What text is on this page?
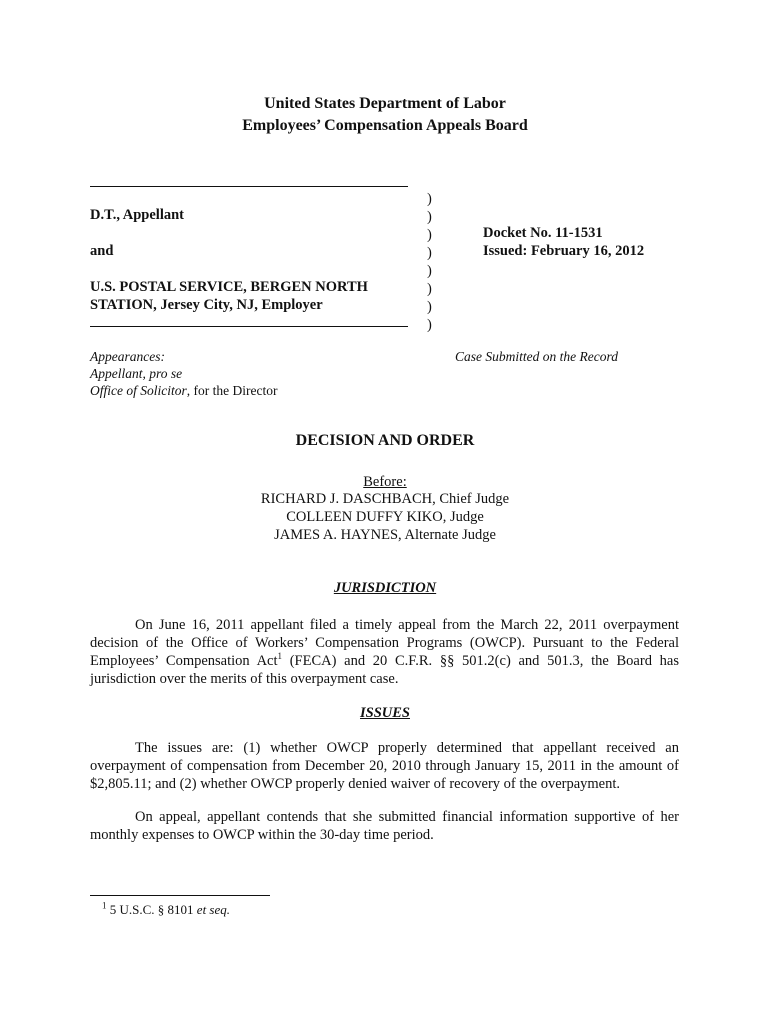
United States Department of Labor
Employees’ Compensation Appeals Board
D.T., Appellant
and
U.S. POSTAL SERVICE, BERGEN NORTH
STATION, Jersey City, NJ, Employer
)
)
)
)
)
)
)
)
Docket No. 11-1531
Issued: February 16, 2012
Appearances:
Appellant, pro se
Office of Solicitor, for the Director
Case Submitted on the Record
DECISION AND ORDER
Before:
RICHARD J. DASCHBACH, Chief Judge
COLLEEN DUFFY KIKO, Judge
JAMES A. HAYNES, Alternate Judge
JURISDICTION
On June 16, 2011 appellant filed a timely appeal from the March 22, 2011 overpayment decision of the Office of Workers’ Compensation Programs (OWCP). Pursuant to the Federal Employees’ Compensation Act$^1$ (FECA) and 20 C.F.R. §§ 501.2(c) and 501.3, the Board has jurisdiction over the merits of this overpayment case.
ISSUES
The issues are: (1) whether OWCP properly determined that appellant received an overpayment of compensation from December 20, 2010 through January 15, 2011 in the amount of $2,805.11; and (2) whether OWCP properly denied waiver of recovery of the overpayment.
On appeal, appellant contends that she submitted financial information supportive of her monthly expenses to OWCP within the 30-day time period.
$^1$ 5 U.S.C. § 8101 et seq.
